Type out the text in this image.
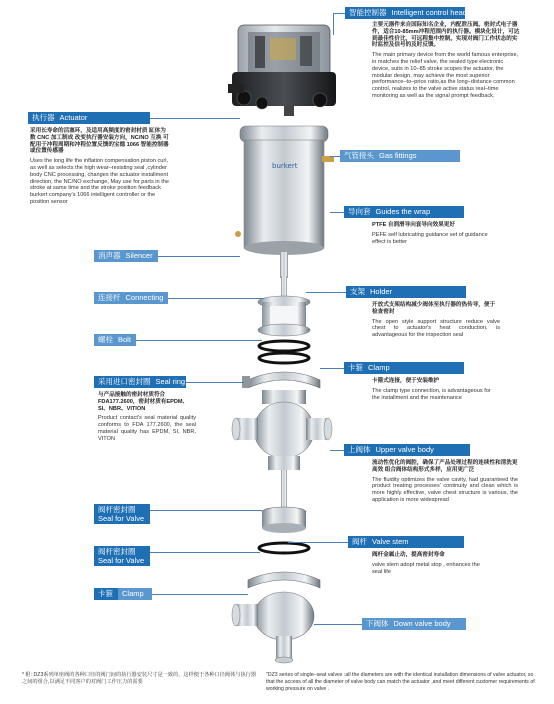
burkert
智能控制器 Intelligent control head
主要元器件来自国际知名企业，内配泄压阀。密封式电子器件，适合10-85mm冲程范围内的执行器。模块化设计，可达到最佳性价比，可远程集中控制。实现对阀门工作状态的实时监控及信号的及时反馈。
The main primary device from the world famous enterprise, in matches the relief valve, the sealed type electronic device, suits in 10–85 stroke scopes the actuator, the modular design, may achieve the most superior performance–to–price ratio,as the long–distance common control, realizes to the valve active status real–time monitoring as well as the signal prompt feedback.
执行器 Actuator
采用长寿命的活塞环，及适用高频度的密封材质 缸体为数 CNC 加工制成 改变执行器安装方向，NC/NO 互换 可配用于冲程周期和冲程位置反馈的宝德 1066 智能控制器或位置传感器
Uses the long life the inflation compensation piston curl, as well as selects the high wear–resisting seal ,cylinder body CNC processing, changes the actuator installment direction, the NC/NO exchange, May use for parts in the stroke at same time and the stroke position feedback burkert company's 1066 intelligent controller or the position sensor
气管接头 Gas fittings
导向套 Guides the wrap
PTFE 自润滑导向套导向效果更好
PEFE self lubricating guidance set of guidance effect is better
消声器 Silencer
支架 Holder
开放式支架结构减少阀体至执行器的热传导，便于检查密封
The open style support structure reduce valve chest to actuator's heat conduction, is advantageous for the inspection seal
连接杆 Connecting
螺栓 Bolt
卡箍 Clamp
卡箍式连接，便于安装维护
The clamp type connection, is advantageous for the installment and the maintenance
采用进口密封圈 Seal ring
与产品接触的密封材质符合FDA177.2600，密封材质有EPDM、SI、NBR、VITION
Product contact's seal material quality conforms to FDA 177.2600, the seal material quality has EPDM, SI, NBR, VITON
上阀体 Upper valve body
流动性优化的阀腔，确保了产品处理过程的连续性和清洗更高效 组合阀体结构形式多样，应用更广泛
The fluidity optimizes the valve cavity, had guaranteed the product treating processes' continuity and clean which is more highly effective, valve chest structure is various, the application is more widespread
阀杆密封圈
Seal for Valve stem
阀杆 Valve stem
阀杆金属止动，提高密封寿命
valve stem adopt metal stop , enhances the seal life
阀杆密封圈
Seal for Valve stem
卡箍	Clamp
下阀体 Down valve body
* 附: DZ3系列单座阀的各种口径的阀门间的执行器安装尺寸是一致的，这样便于各种口径阀体与执行器之间的组合,以满足不同客户的对阀门工作压力的需要
"DZ3 series of single–seat valves :all the diameters are with the identical installation dimensions of valve actuator, so that the access of all the diameter of valve body can match the actuator ,and meet different customer requirements of working pressure on valve .
